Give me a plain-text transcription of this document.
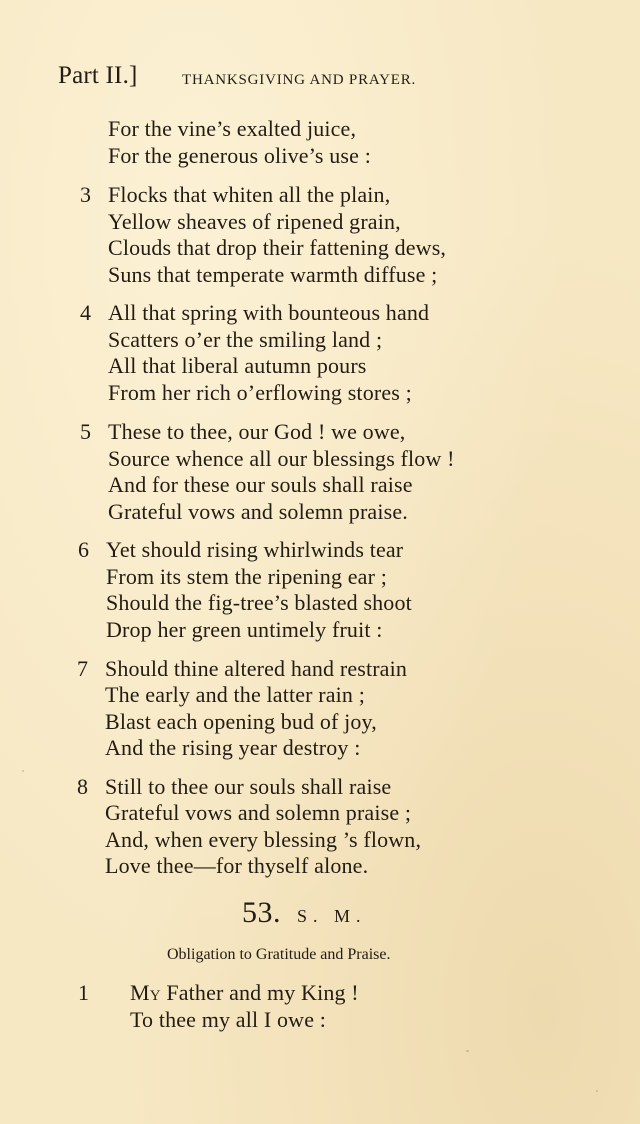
Part II.]	THANKSGIVING AND PRAYER.
For the vine’s exalted juice,
For the generous olive’s use :
3 Flocks that whiten all the plain,
Yellow sheaves of ripened grain,
Clouds that drop their fattening dews,
Suns that temperate warmth diffuse ;
4 All that spring with bounteous hand
Scatters o’er the smiling land ;
All that liberal autumn pours
From her rich o’erflowing stores ;
5 These to thee, our God ! we owe,
Source whence all our blessings flow !
And for these our souls shall raise
Grateful vows and solemn praise.
6 Yet should rising whirlwinds tear
From its stem the ripening ear ;
Should the fig-tree’s blasted shoot
Drop her green untimely fruit :
7 Should thine altered hand restrain
The early and the latter rain ;
Blast each opening bud of joy,
And the rising year destroy :
8 Still to thee our souls shall raise
Grateful vows and solemn praise ;
And, when every blessing ’s flown,
Love thee—for thyself alone.
53. S. M.
Obligation to Gratitude and Praise.
1 My Father and my King !
To thee my all I owe :
